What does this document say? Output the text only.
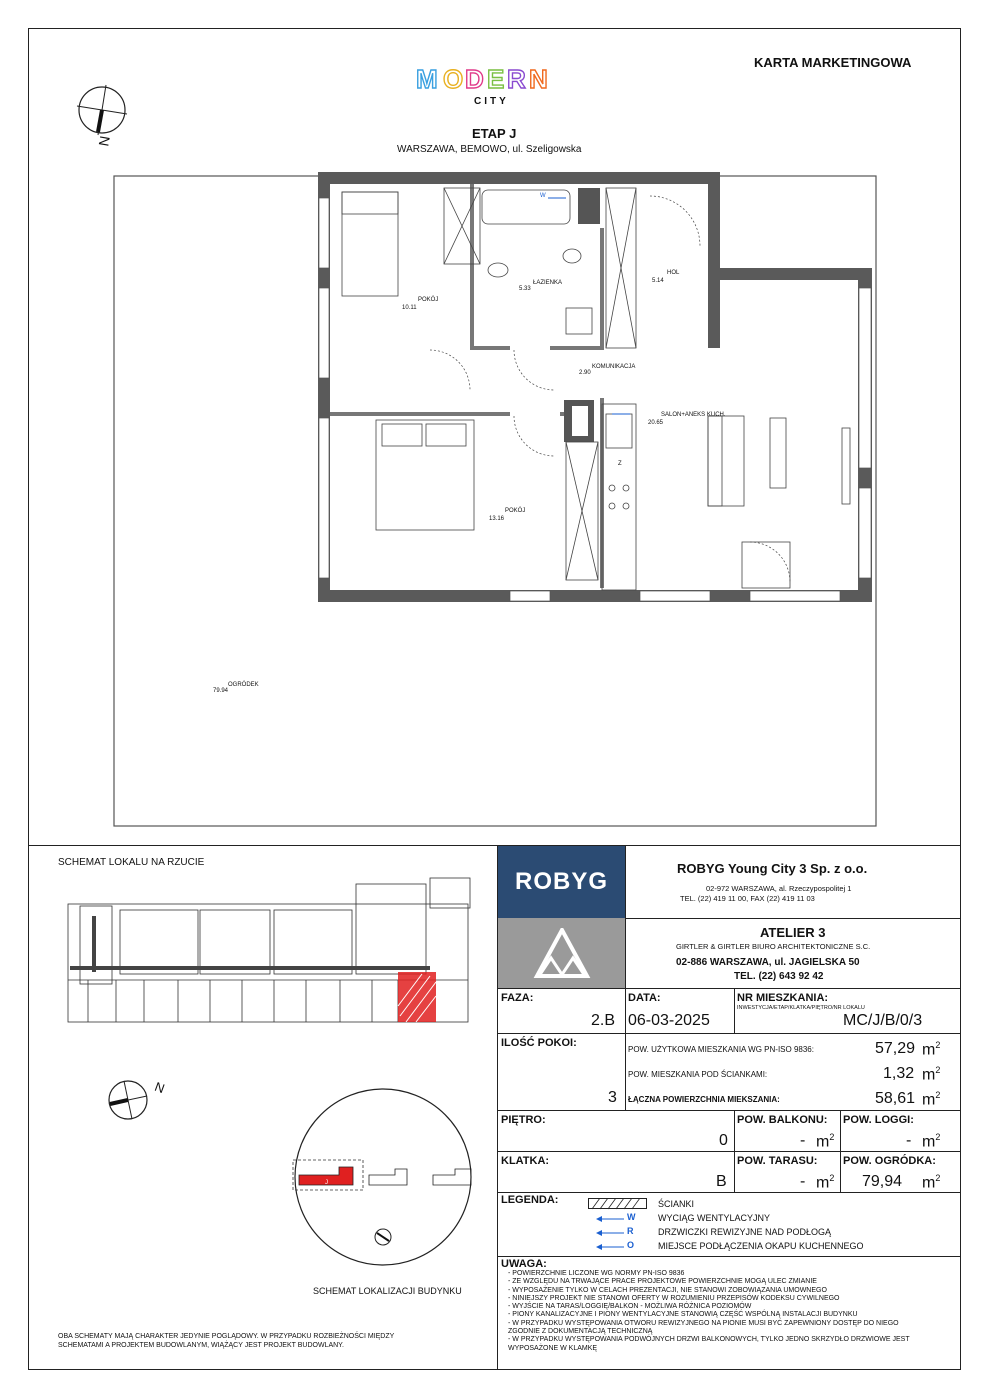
M O D E R N
CITY
KARTA MARKETINGOWA
ETAP J
WARSZAWA, BEMOWO, ul. Szeligowska
N
POKÓJ
10.11
ŁAZIENKA
5.33
HOL
5.14
KOMUNIKACJA
2.90
SALON+ANEKS KUCH.
20.65
POKÓJ
13.16
OGRÓDEK
79.94
W
Z
SCHEMAT LOKALU NA RZUCIE
N
J
SCHEMAT LOKALIZACJI BUDYNKU
OBA SCHEMATY MAJĄ CHARAKTER JEDYNIE POGLĄDOWY. W PRZYPADKU ROZBIEŻNOŚCI MIĘDZY
SCHEMATAMI A PROJEKTEM BUDOWLANYM, WIĄŻĄCY JEST PROJEKT BUDOWLANY.
ROBYG	ROBYG Young City 3 Sp. z o.o.
02-972 WARSZAWA, al. Rzeczypospolitej 1
TEL. (22) 419 11 00, FAX (22) 419 11 03
ATELIER 3
GIRTLER & GIRTLER BIURO ARCHITEKTONICZNE S.C.
02-886 WARSZAWA, ul. JAGIELSKA 50
TEL. (22) 643 92 42
FAZA:
2.B
DATA:
06-03-2025
NR MIESZKANIA:
INWESTYCJA/ETAP/KLATKA/PIĘTRO/NR LOKALU
MC/J/B/0/3
ILOŚĆ POKOI:
3
POW. UŻYTKOWA MIESZKANIA WG PN-ISO 9836:	57,29 $m^2$
POW. MIESZKANIA POD ŚCIANKAMI:	1,32 $m^2$
ŁĄCZNA POWIERZCHNIA MIEKSZANIA:	58,61 $m^2$
PIĘTRO:
0
POW. BALKONU:
- $m^2$
POW. LOGGI:
- $m^2$
KLATKA:
B
POW. TARASU:
- $m^2$
POW. OGRÓDKA:
79,94 $m^2$
LEGENDA:	ŚCIANKI
W	WYCIĄG WENTYLACYJNY
R	DRZWICZKI REWIZYJNE NAD PODŁOGĄ
O	MIEJSCE PODŁĄCZENIA OKAPU KUCHENNEGO
UWAGA:
- POWIERZCHNIE LICZONE WG NORMY PN-ISO 9836
- ZE WZGLĘDU NA TRWAJĄCE PRACE PROJEKTOWE POWIERZCHNIE MOGĄ ULEC ZMIANIE
- WYPOSAŻENIE TYLKO W CELACH PREZENTACJI, NIE STANOWI ZOBOWIĄZANIA UMOWNEGO
- NINIEJSZY PROJEKT NIE STANOWI OFERTY W ROZUMIENIU PRZEPISÓW KODEKSU CYWILNEGO
- WYJŚCIE NA TARAS/LOGGIĘ/BALKON - MOŻLIWA RÓŻNICA POZIOMÓW
- PIONY KANALIZACYJNE I PIONY WENTYLACYJNE STANOWIĄ CZĘŚĆ WSPÓLNĄ INSTALACJI BUDYNKU
- W PRZYPADKU WYSTĘPOWANIA OTWORU REWIZYJNEGO NA PIONIE MUSI BYĆ ZAPEWNIONY DOSTĘP DO NIEGO
ZGODNIE Z DOKUMENTACJĄ TECHNICZNĄ
- W PRZYPADKU WYSTĘPOWANIA PODWÓJNYCH DRZWI BALKONOWYCH, TYLKO JEDNO SKRZYDŁO DRZWIOWE JEST
WYPOSAŻONE W KLAMKĘ
